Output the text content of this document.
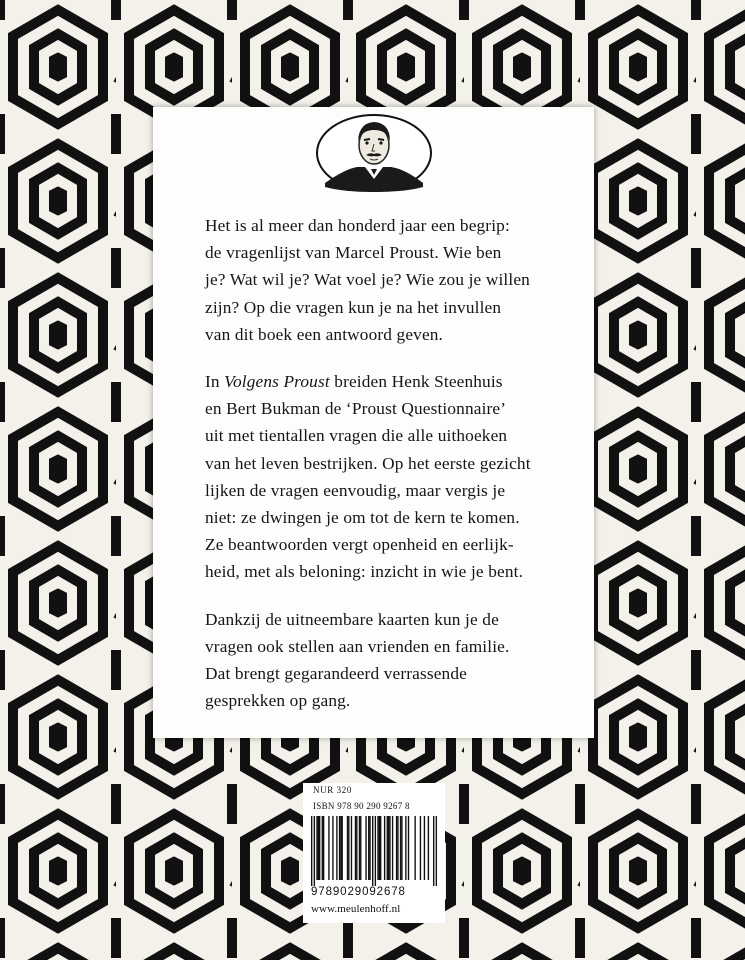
Het is al meer dan honderd jaar een begrip:
de vragenlijst van Marcel Proust. Wie ben
je? Wat wil je? Wat voel je? Wie zou je willen
zijn? Op die vragen kun je na het invullen
van dit boek een antwoord geven.

In Volgens Proust breiden Henk Steenhuis
en Bert Bukman de ‘Proust Questionnaire’
uit met tientallen vragen die alle uithoeken
van het leven bestrijken. Op het eerste gezicht
lijken de vragen eenvoudig, maar vergis je
niet: ze dwingen je om tot de kern te komen.
Ze beantwoorden vergt openheid en eerlijk-
heid, met als beloning: inzicht in wie je bent.

Dankzij de uitneembare kaarten kun je de
vragen ook stellen aan vrienden en familie.
Dat brengt gegarandeerd verrassende
gesprekken op gang.

NUR 320
ISBN 978 90 290 9267 8
9789029092678
www.meulenhoff.nl
